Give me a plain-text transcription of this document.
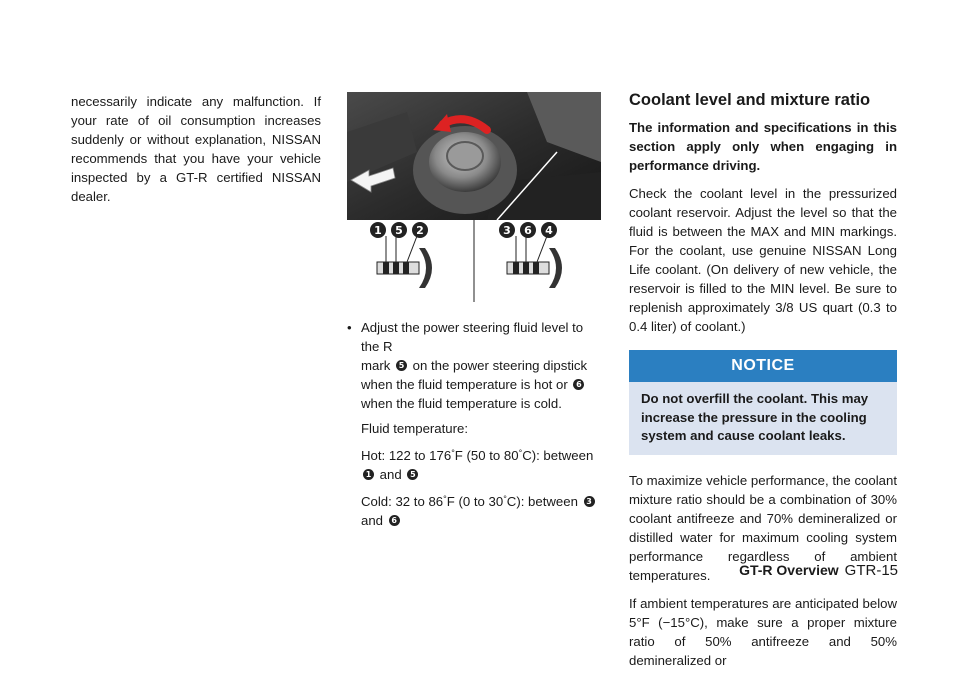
necessarily indicate any malfunction. If your rate of oil consumption increases suddenly or without explanation, NISSAN recommends that you have your vehicle inspected by a GT-R certified NISSAN dealer.

1 5 2	3 6 4
• Adjust the power steering fluid level to the R

mark 5 on the power steering dipstick

when the fluid temperature is hot or 6

when the fluid temperature is cold.

Fluid temperature:

Hot: 122 to 176°F (50 to 80°C): between

1 and 5

Cold: 32 to 86°F (0 to 30°C): between 3

and 6

Coolant level and mixture ratio

The information and specifications in this section apply only when engaging in performance driving.

Check the coolant level in the pressurized coolant reservoir. Adjust the level so that the fluid is between the MAX and MIN markings. For the coolant, use genuine NISSAN Long Life coolant. (On delivery of new vehicle, the reservoir is filled to the MIN level. Be sure to replenish approximately 3/8 US quart (0.3 to 0.4 liter) of coolant.)

NOTICE
Do not overfill the coolant. This may increase the pressure in the cooling system and cause coolant leaks.

To maximize vehicle performance, the coolant mixture ratio should be a combination of 30% coolant antifreeze and 70% demineralized or distilled water for maximum cooling system performance regardless of ambient temperatures.

If ambient temperatures are anticipated below 5°F (−15°C), make sure a proper mixture ratio of 50% antifreeze and 50% demineralized or

GT-R Overview GTR-15
